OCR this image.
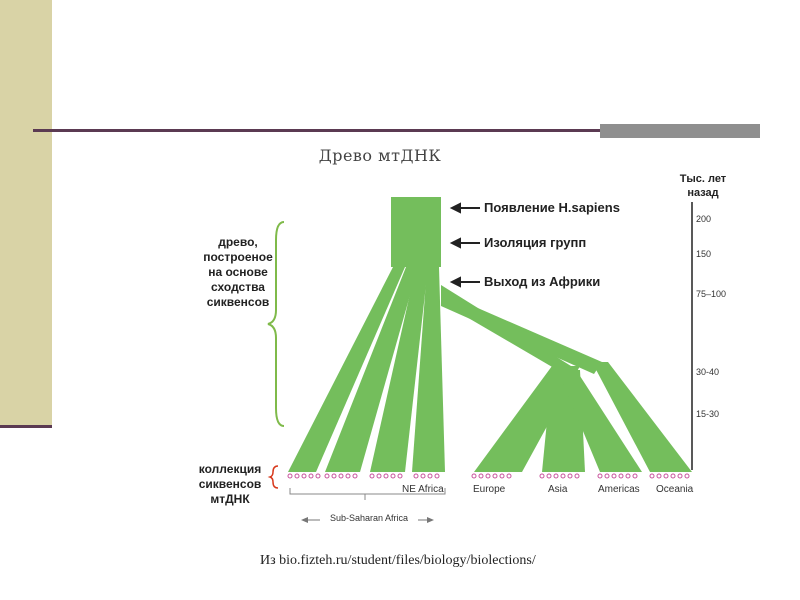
Древо мтДНК
Тыс. лет назад
200
150
75–100
30-40
15-30
Появление H.sapiens
Изоляция групп
Выход из Африки
древо, построеное на основе сходства сиквенсов
коллекция сиквенсов мтДНК
NE Africa	Europe	Asia	Americas Oceania
Sub-Saharan Africa
Из bio.fizteh.ru/student/files/biology/biolections/
